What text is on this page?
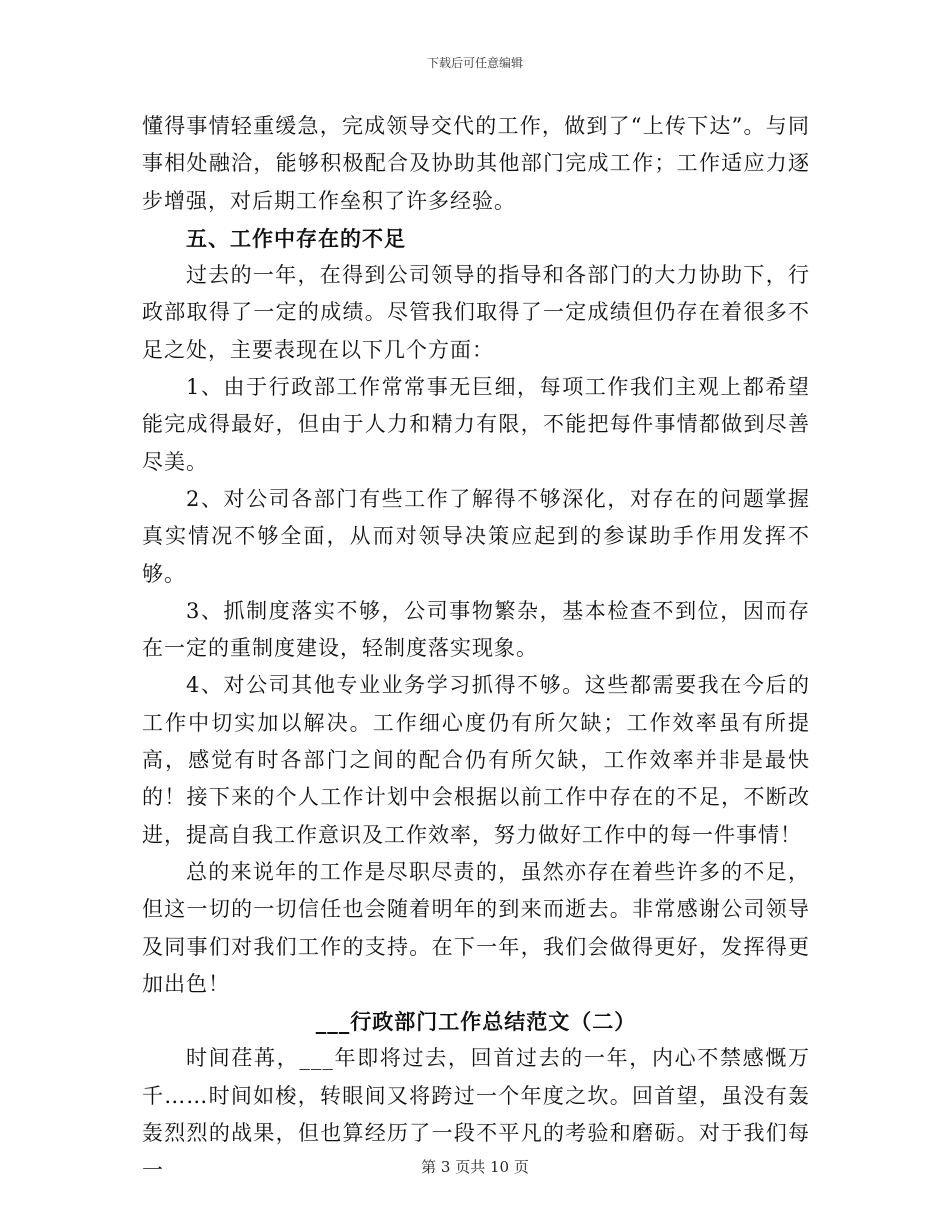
下载后可任意编辑

懂得事情轻重缓急，完成领导交代的工作，做到了“上传下达”。与同事相处融洽，能够积极配合及协助其他部门完成工作；工作适应力逐步增强，对后期工作垒积了许多经验。

五、工作中存在的不足

过去的一年，在得到公司领导的指导和各部门的大力协助下，行政部取得了一定的成绩。尽管我们取得了一定成绩但仍存在着很多不足之处，主要表现在以下几个方面：

1、由于行政部工作常常事无巨细，每项工作我们主观上都希望能完成得最好，但由于人力和精力有限，不能把每件事情都做到尽善尽美。

2、对公司各部门有些工作了解得不够深化，对存在的问题掌握真实情况不够全面，从而对领导决策应起到的参谋助手作用发挥不够。

3、抓制度落实不够，公司事物繁杂，基本检查不到位，因而存在一定的重制度建设，轻制度落实现象。

4、对公司其他专业业务学习抓得不够。这些都需要我在今后的工作中切实加以解决。工作细心度仍有所欠缺；工作效率虽有所提高，感觉有时各部门之间的配合仍有所欠缺，工作效率并非是最快的！接下来的个人工作计划中会根据以前工作中存在的不足，不断改进，提高自我工作意识及工作效率，努力做好工作中的每一件事情！

总的来说年的工作是尽职尽责的，虽然亦存在着些许多的不足，但这一切的一切信任也会随着明年的到来而逝去。非常感谢公司领导及同事们对我们工作的支持。在下一年，我们会做得更好，发挥得更加出色！

___行政部门工作总结范文（二）

时间荏苒，___年即将过去，回首过去的一年，内心不禁感慨万千……时间如梭，转眼间又将跨过一个年度之坎。回首望，虽没有轰轰烈烈的战果，但也算经历了一段不平凡的考验和磨砺。对于我们每一	第 3 页共 10 页
